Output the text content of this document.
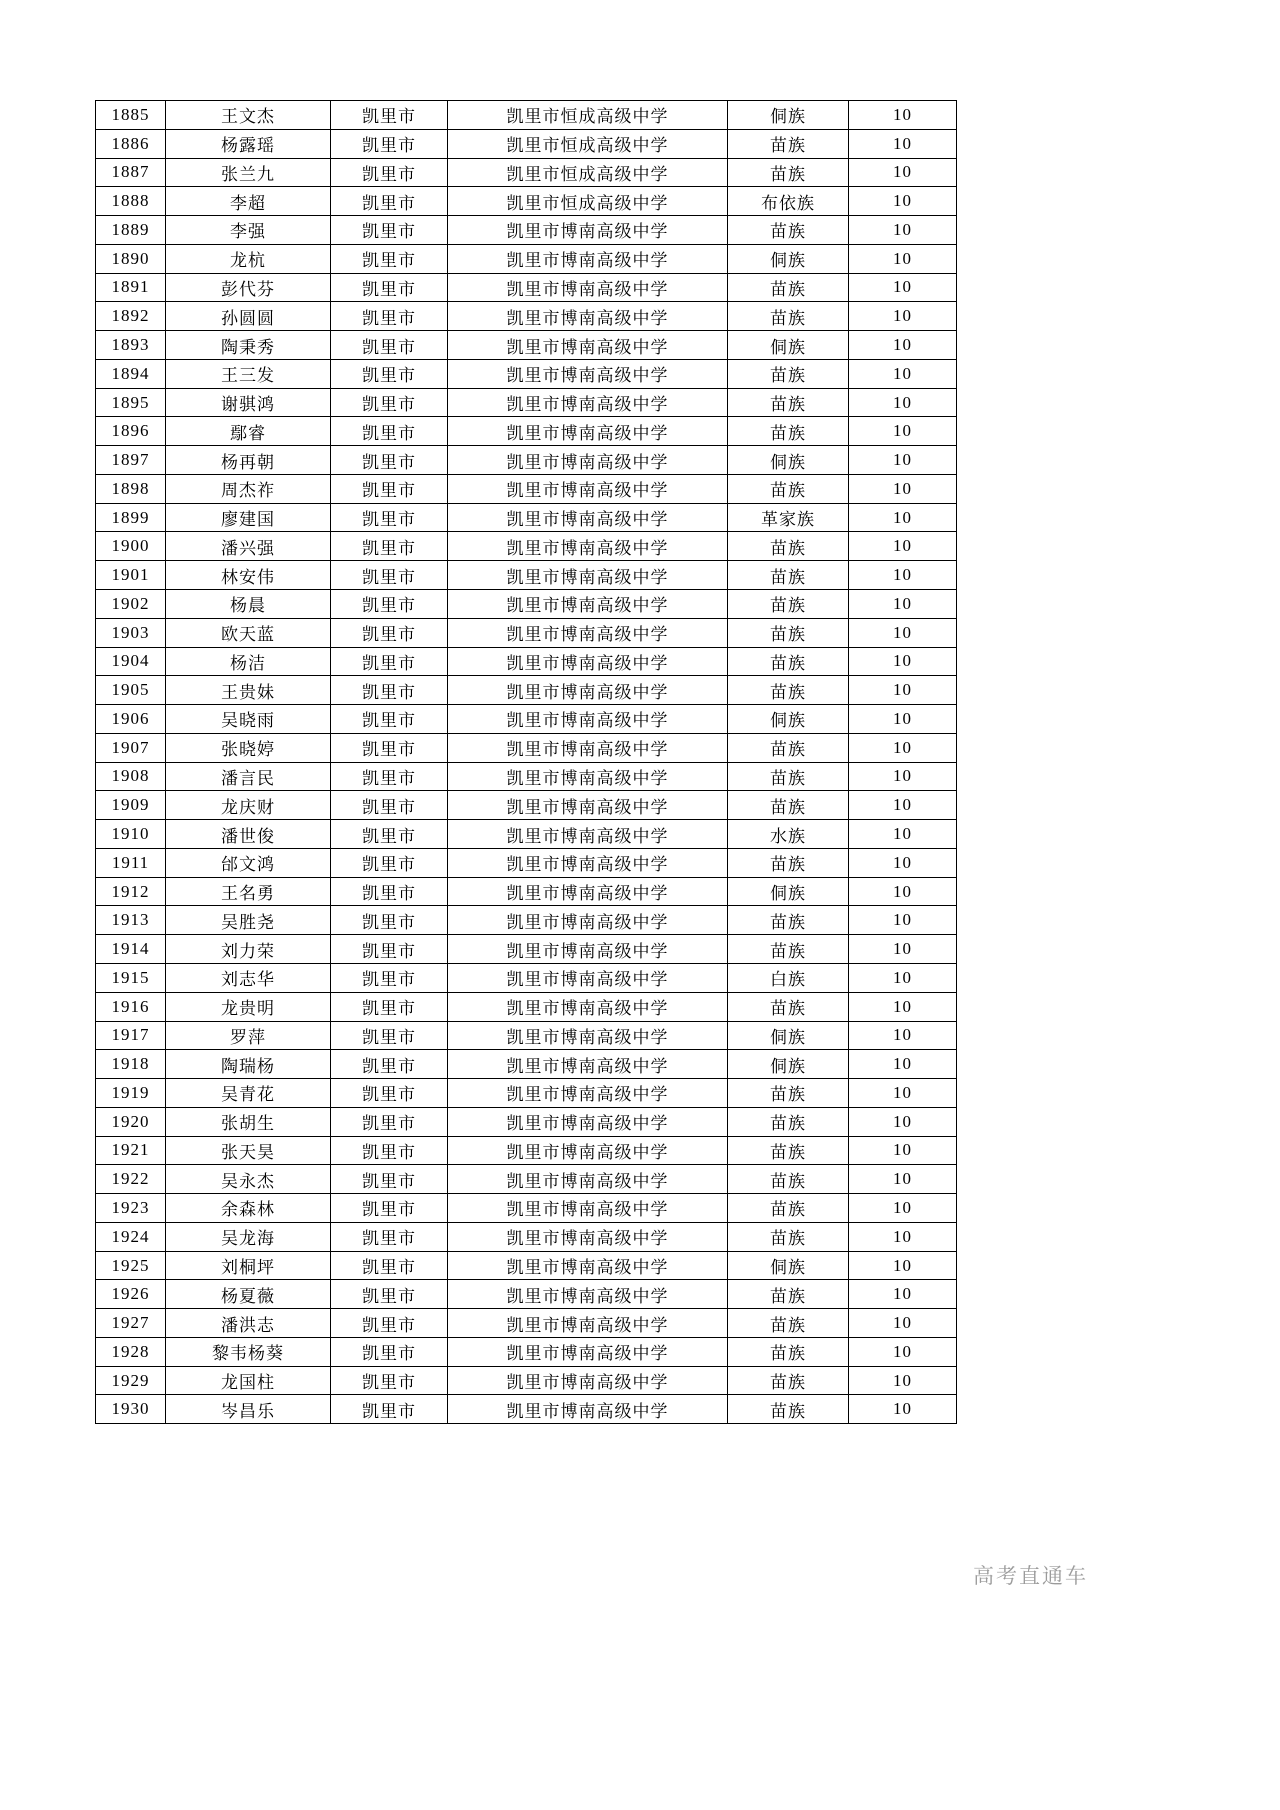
1885	王文杰	凯里市	凯里市恒成高级中学	侗族	10
1886	杨露瑶	凯里市	凯里市恒成高级中学	苗族	10
1887	张兰九	凯里市	凯里市恒成高级中学	苗族	10
1888	李超	凯里市	凯里市恒成高级中学	布依族	10
1889	李强	凯里市	凯里市博南高级中学	苗族	10
1890	龙杭	凯里市	凯里市博南高级中学	侗族	10
1891	彭代芬	凯里市	凯里市博南高级中学	苗族	10
1892	孙圆圆	凯里市	凯里市博南高级中学	苗族	10
1893	陶秉秀	凯里市	凯里市博南高级中学	侗族	10
1894	王三发	凯里市	凯里市博南高级中学	苗族	10
1895	谢骐鸿	凯里市	凯里市博南高级中学	苗族	10
1896	鄢睿	凯里市	凯里市博南高级中学	苗族	10
1897	杨再朝	凯里市	凯里市博南高级中学	侗族	10
1898	周杰祚	凯里市	凯里市博南高级中学	苗族	10
1899	廖建国	凯里市	凯里市博南高级中学	革家族	10
1900	潘兴强	凯里市	凯里市博南高级中学	苗族	10
1901	林安伟	凯里市	凯里市博南高级中学	苗族	10
1902	杨晨	凯里市	凯里市博南高级中学	苗族	10
1903	欧天蓝	凯里市	凯里市博南高级中学	苗族	10
1904	杨洁	凯里市	凯里市博南高级中学	苗族	10
1905	王贵妹	凯里市	凯里市博南高级中学	苗族	10
1906	吴晓雨	凯里市	凯里市博南高级中学	侗族	10
1907	张晓婷	凯里市	凯里市博南高级中学	苗族	10
1908	潘言民	凯里市	凯里市博南高级中学	苗族	10
1909	龙庆财	凯里市	凯里市博南高级中学	苗族	10
1910	潘世俊	凯里市	凯里市博南高级中学	水族	10
1911	邰文鸿	凯里市	凯里市博南高级中学	苗族	10
1912	王名勇	凯里市	凯里市博南高级中学	侗族	10
1913	吴胜尧	凯里市	凯里市博南高级中学	苗族	10
1914	刘力荣	凯里市	凯里市博南高级中学	苗族	10
1915	刘志华	凯里市	凯里市博南高级中学	白族	10
1916	龙贵明	凯里市	凯里市博南高级中学	苗族	10
1917	罗萍	凯里市	凯里市博南高级中学	侗族	10
1918	陶瑞杨	凯里市	凯里市博南高级中学	侗族	10
1919	吴青花	凯里市	凯里市博南高级中学	苗族	10
1920	张胡生	凯里市	凯里市博南高级中学	苗族	10
1921	张天昊	凯里市	凯里市博南高级中学	苗族	10
1922	吴永杰	凯里市	凯里市博南高级中学	苗族	10
1923	余森林	凯里市	凯里市博南高级中学	苗族	10
1924	吴龙海	凯里市	凯里市博南高级中学	苗族	10
1925	刘桐坪	凯里市	凯里市博南高级中学	侗族	10
1926	杨夏薇	凯里市	凯里市博南高级中学	苗族	10
1927	潘洪志	凯里市	凯里市博南高级中学	苗族	10
1928	黎韦杨葵	凯里市	凯里市博南高级中学	苗族	10
1929	龙国柱	凯里市	凯里市博南高级中学	苗族	10
1930	岑昌乐	凯里市	凯里市博南高级中学	苗族	10
高考直通车
